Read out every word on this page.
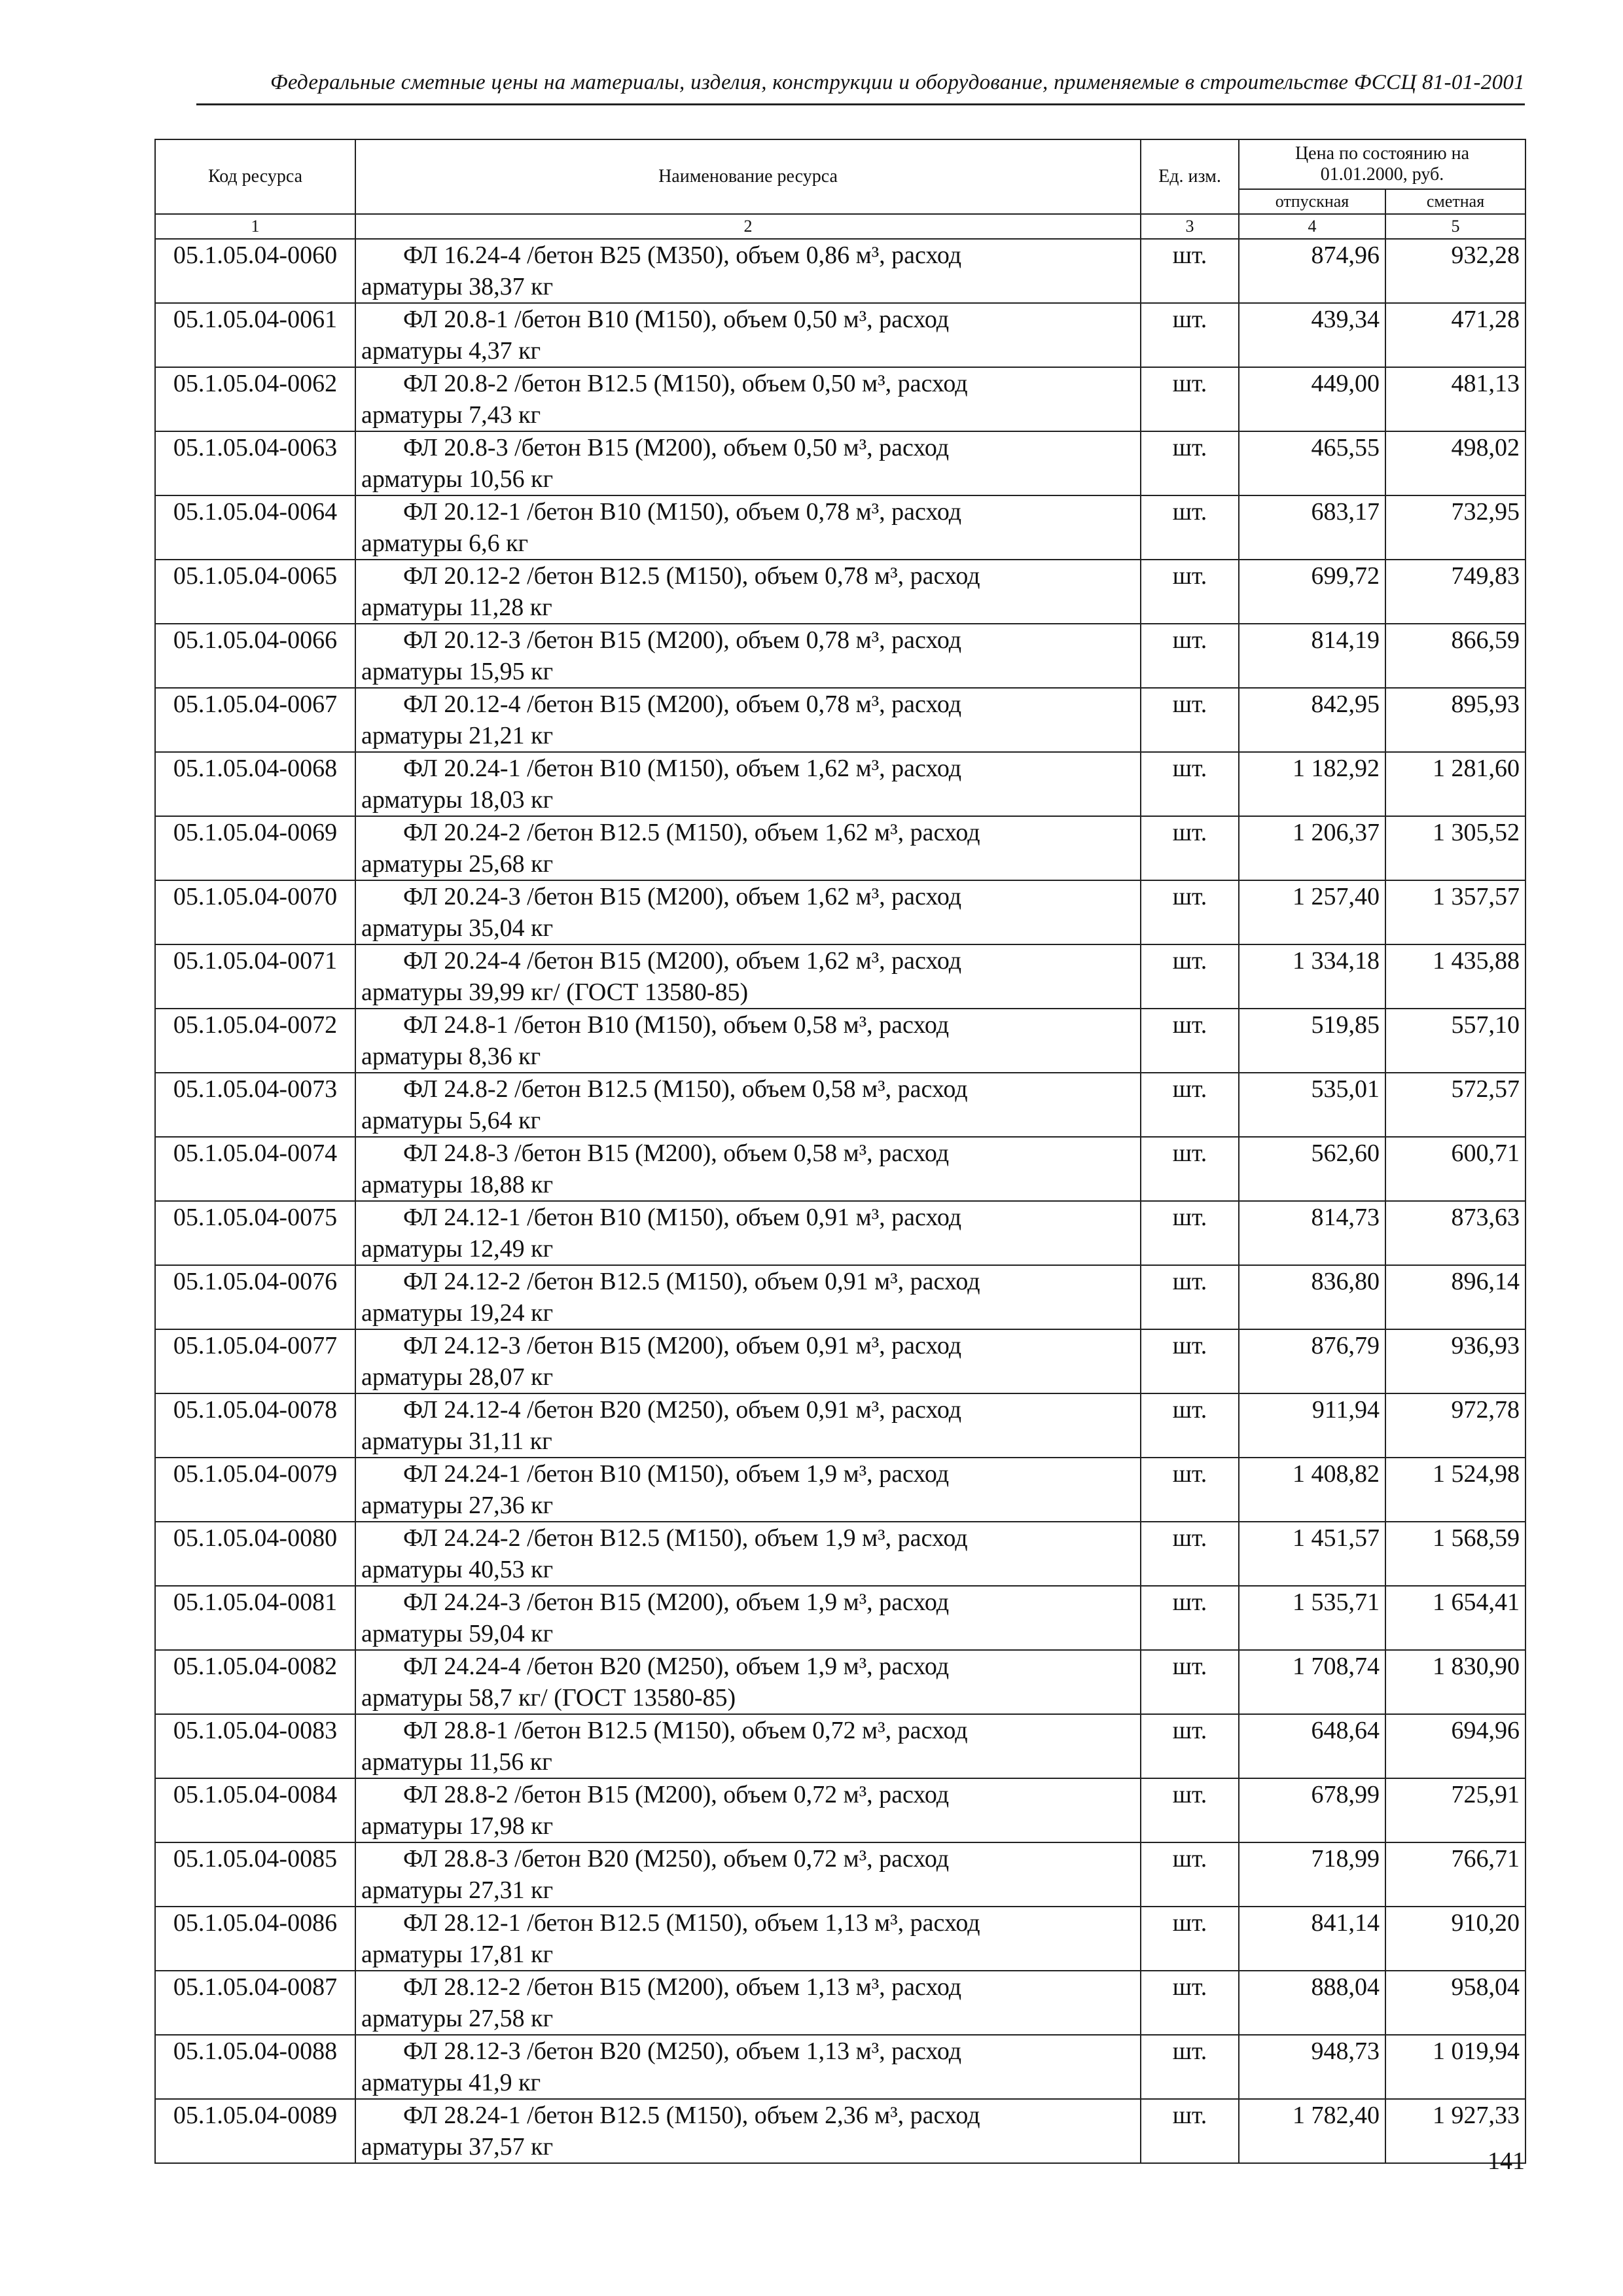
Федеральные сметные цены на материалы, изделия, конструкции и оборудование, применяемые в строительстве ФССЦ 81-01-2001
Код ресурса	Наименование ресурса	Ед. изм.	Цена по состоянию на 01.01.2000, руб.	
			отпускная	сметная
1	2	3	4	5
05.1.05.04-0060	ФЛ 16.24-4 /бетон В25 (М350), объем 0,86 м³, расход
арматуры 38,37 кг	шт.	874,96	932,28
05.1.05.04-0061	ФЛ 20.8-1 /бетон В10 (М150), объем 0,50 м³, расход
арматуры 4,37 кг	шт.	439,34	471,28
05.1.05.04-0062	ФЛ 20.8-2 /бетон В12.5 (М150), объем 0,50 м³, расход
арматуры 7,43 кг	шт.	449,00	481,13
05.1.05.04-0063	ФЛ 20.8-3 /бетон В15 (М200), объем 0,50 м³, расход
арматуры 10,56 кг	шт.	465,55	498,02
05.1.05.04-0064	ФЛ 20.12-1 /бетон В10 (М150), объем 0,78 м³, расход
арматуры 6,6 кг	шт.	683,17	732,95
05.1.05.04-0065	ФЛ 20.12-2 /бетон В12.5 (М150), объем 0,78 м³, расход
арматуры 11,28 кг	шт.	699,72	749,83
05.1.05.04-0066	ФЛ 20.12-3 /бетон В15 (М200), объем 0,78 м³, расход
арматуры 15,95 кг	шт.	814,19	866,59
05.1.05.04-0067	ФЛ 20.12-4 /бетон В15 (М200), объем 0,78 м³, расход
арматуры 21,21 кг	шт.	842,95	895,93
05.1.05.04-0068	ФЛ 20.24-1 /бетон В10 (М150), объем 1,62 м³, расход
арматуры 18,03 кг	шт.	1 182,92	1 281,60
05.1.05.04-0069	ФЛ 20.24-2 /бетон В12.5 (М150), объем 1,62 м³, расход
арматуры 25,68 кг	шт.	1 206,37	1 305,52
05.1.05.04-0070	ФЛ 20.24-3 /бетон В15 (М200), объем 1,62 м³, расход
арматуры 35,04 кг	шт.	1 257,40	1 357,57
05.1.05.04-0071	ФЛ 20.24-4 /бетон В15 (М200), объем 1,62 м³, расход
арматуры 39,99 кг/ (ГОСТ 13580-85)	шт.	1 334,18	1 435,88
05.1.05.04-0072	ФЛ 24.8-1 /бетон В10 (М150), объем 0,58 м³, расход
арматуры 8,36 кг	шт.	519,85	557,10
05.1.05.04-0073	ФЛ 24.8-2 /бетон В12.5 (М150), объем 0,58 м³, расход
арматуры 5,64 кг	шт.	535,01	572,57
05.1.05.04-0074	ФЛ 24.8-3 /бетон В15 (М200), объем 0,58 м³, расход
арматуры 18,88 кг	шт.	562,60	600,71
05.1.05.04-0075	ФЛ 24.12-1 /бетон В10 (М150), объем 0,91 м³, расход
арматуры 12,49 кг	шт.	814,73	873,63
05.1.05.04-0076	ФЛ 24.12-2 /бетон В12.5 (М150), объем 0,91 м³, расход
арматуры 19,24 кг	шт.	836,80	896,14
05.1.05.04-0077	ФЛ 24.12-3 /бетон В15 (М200), объем 0,91 м³, расход
арматуры 28,07 кг	шт.	876,79	936,93
05.1.05.04-0078	ФЛ 24.12-4 /бетон В20 (М250), объем 0,91 м³, расход
арматуры 31,11 кг	шт.	911,94	972,78
05.1.05.04-0079	ФЛ 24.24-1 /бетон В10 (М150), объем 1,9 м³, расход
арматуры 27,36 кг	шт.	1 408,82	1 524,98
05.1.05.04-0080	ФЛ 24.24-2 /бетон В12.5 (М150), объем 1,9 м³, расход
арматуры 40,53 кг	шт.	1 451,57	1 568,59
05.1.05.04-0081	ФЛ 24.24-3 /бетон В15 (М200), объем 1,9 м³, расход
арматуры 59,04 кг	шт.	1 535,71	1 654,41
05.1.05.04-0082	ФЛ 24.24-4 /бетон В20 (М250), объем 1,9 м³, расход
арматуры 58,7 кг/ (ГОСТ 13580-85)	шт.	1 708,74	1 830,90
05.1.05.04-0083	ФЛ 28.8-1 /бетон В12.5 (М150), объем 0,72 м³, расход
арматуры 11,56 кг	шт.	648,64	694,96
05.1.05.04-0084	ФЛ 28.8-2 /бетон В15 (М200), объем 0,72 м³, расход
арматуры 17,98 кг	шт.	678,99	725,91
05.1.05.04-0085	ФЛ 28.8-3 /бетон В20 (М250), объем 0,72 м³, расход
арматуры 27,31 кг	шт.	718,99	766,71
05.1.05.04-0086	ФЛ 28.12-1 /бетон В12.5 (М150), объем 1,13 м³, расход
арматуры 17,81 кг	шт.	841,14	910,20
05.1.05.04-0087	ФЛ 28.12-2 /бетон В15 (М200), объем 1,13 м³, расход
арматуры 27,58 кг	шт.	888,04	958,04
05.1.05.04-0088	ФЛ 28.12-3 /бетон В20 (М250), объем 1,13 м³, расход
арматуры 41,9 кг	шт.	948,73	1 019,94
05.1.05.04-0089	ФЛ 28.24-1 /бетон В12.5 (М150), объем 2,36 м³, расход
арматуры 37,57 кг	шт.	1 782,40	1 927,33
141
